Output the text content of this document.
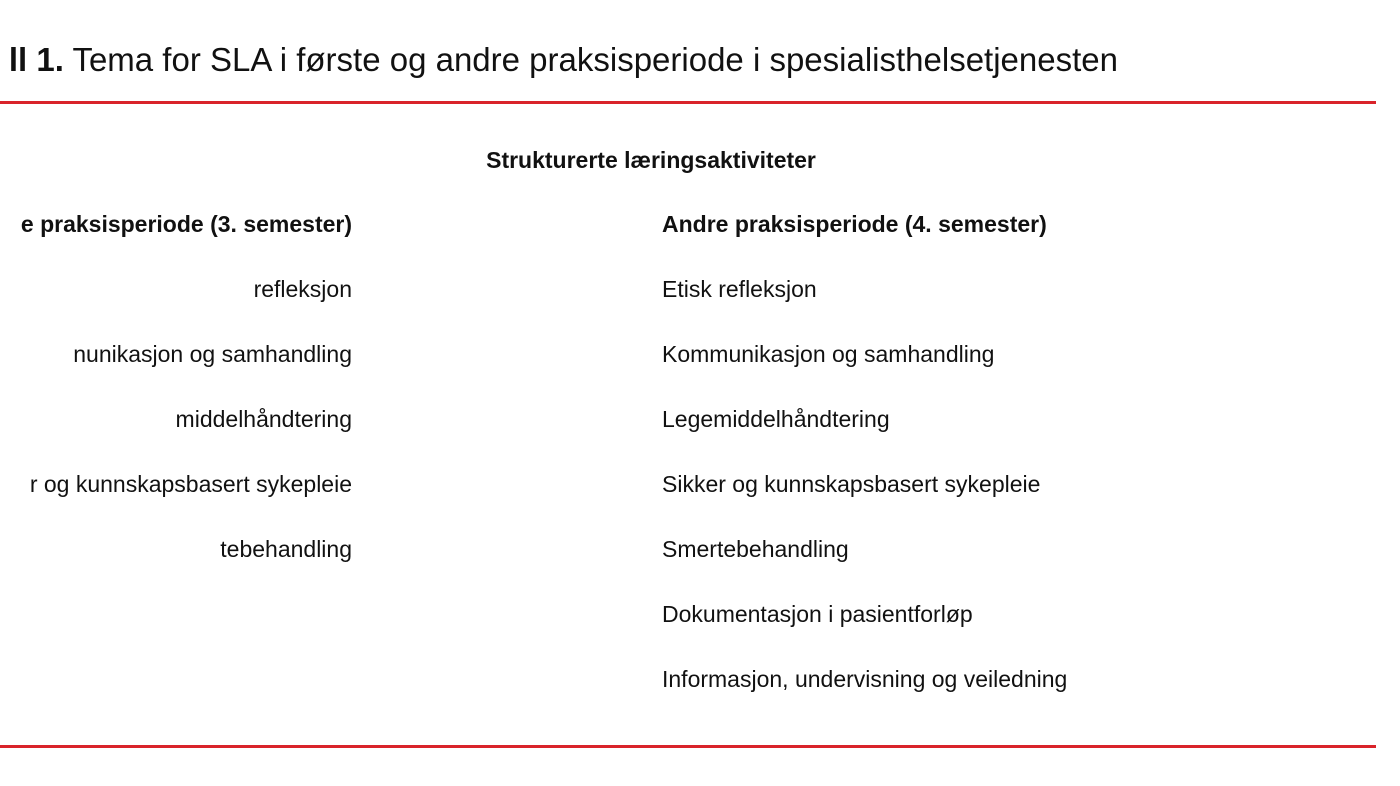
ll 1. Tema for SLA i første og andre praksisperiode i spesialisthelsetjenesten
Strukturerte læringsaktiviteter
e praksisperiode (3. semester)
refleksjon
nunikasjon og samhandling
middelhåndtering
r og kunnskapsbasert sykepleie
tebehandling
Andre praksisperiode (4. semester)
Etisk refleksjon
Kommunikasjon og samhandling
Legemiddelhåndtering
Sikker og kunnskapsbasert sykepleie
Smertebehandling
Dokumentasjon i pasientforløp
Informasjon, undervisning og veiledning
